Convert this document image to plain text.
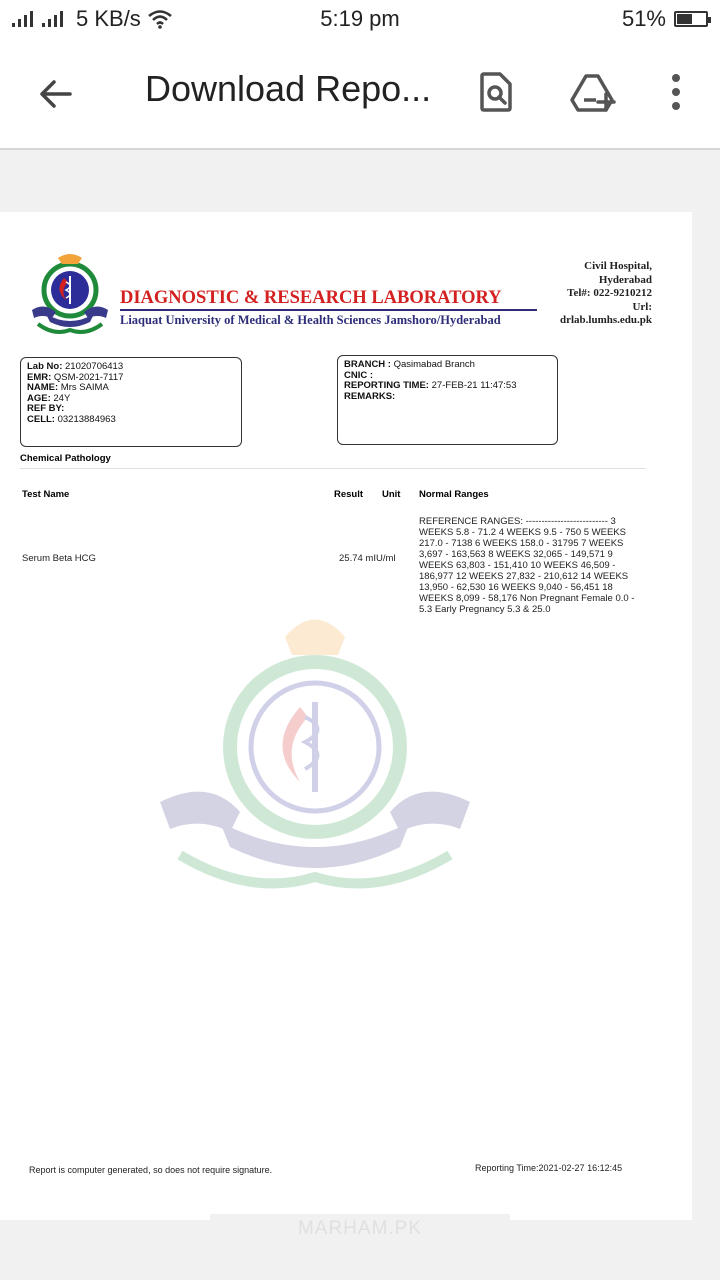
5 KB/s	5:19 pm	51%
Download Repo...
DIAGNOSTIC & RESEARCH LABORATORY
Liaquat University of Medical & Health Sciences Jamshoro/Hyderabad
Civil Hospital,
Hyderabad
Tel#: 022-9210212
Url:
drlab.lumhs.edu.pk
Lab No: 21020706413
EMR: QSM-2021-7117
NAME: Mrs SAIMA
AGE: 24Y
REF BY:
CELL: 03213884963
BRANCH : Qasimabad Branch
CNIC :
REPORTING TIME: 27-FEB-21 11:47:53
REMARKS:
Chemical Pathology
Test Name	Result Unit Normal Ranges
Serum Beta HCG	25.74 mIU/ml
REFERENCE RANGES: -------------------------- 3 WEEKS 5.8 - 71.2 4 WEEKS 9.5 - 750 5 WEEKS 217.0 - 7138 6 WEEKS 158.0 - 31795 7 WEEKS 3,697 - 163,563 8 WEEKS 32,065 - 149,571 9 WEEKS 63,803 - 151,410 10 WEEKS 46,509 - 186,977 12 WEEKS 27,832 - 210,612 14 WEEKS 13,950 - 62,530 16 WEEKS 9,040 - 56,451 18 WEEKS 8,099 - 58,176 Non Pregnant Female 0.0 - 5.3 Early Pregnancy 5.3 & 25.0
Report is computer generated, so does not require signature.	Reporting Time:2021-02-27 16:12:45
MARHAM.PK
